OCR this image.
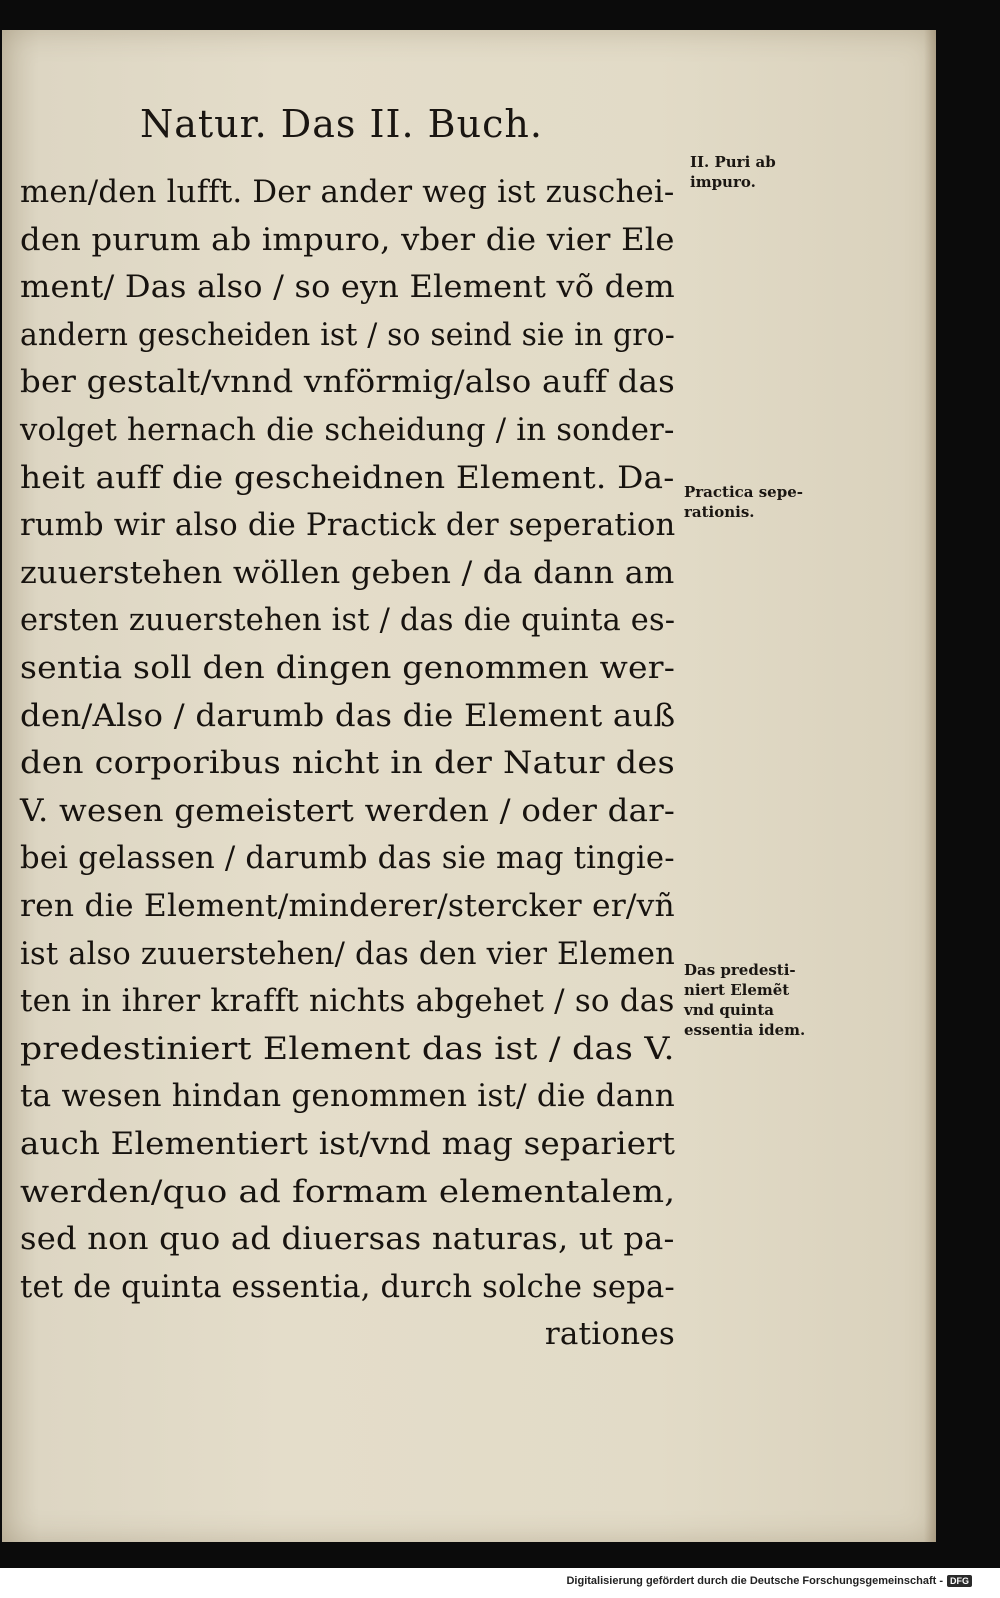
Natur. Das II. Buch.
men/den lufft. Der ander weg ist zuschei-
den purum ab impuro, vber die vier Ele
ment/ Das also / so eyn Element võ dem
andern gescheiden ist / so seind sie in gro-
ber gestalt/vnnd vnförmig/also auff das
volget hernach die scheidung / in sonder-
heit auff die gescheidnen Element. Da-
rumb wir also die Practick der seperation
zuuerstehen wöllen geben / da dann am
ersten zuuerstehen ist / das die quinta es-
sentia soll den dingen genommen wer-
den/Also / darumb das die Element auß
den corporibus nicht in der Natur des
V. wesen gemeistert werden / oder dar-
bei gelassen / darumb das sie mag tingie-
ren die Element/minderer/stercker er/vñ
ist also zuuerstehen/ das den vier Elemen
ten in ihrer krafft nichts abgehet / so das
predestiniert Element das ist / das V.
ta wesen hindan genommen ist/ die dann
auch Elementiert ist/vnd mag separiert
werden/quo ad formam elementalem,
sed non quo ad diuersas naturas, ut pa-
tet de quinta essentia, durch solche sepa-
rationes
II. Puri ab
impuro.
Practica sepe-
rationis.
Das predesti-
niert Elemẽt
vnd quinta
essentia idem.
Digitalisierung gefördert durch die Deutsche Forschungsgemeinschaft - DFG
